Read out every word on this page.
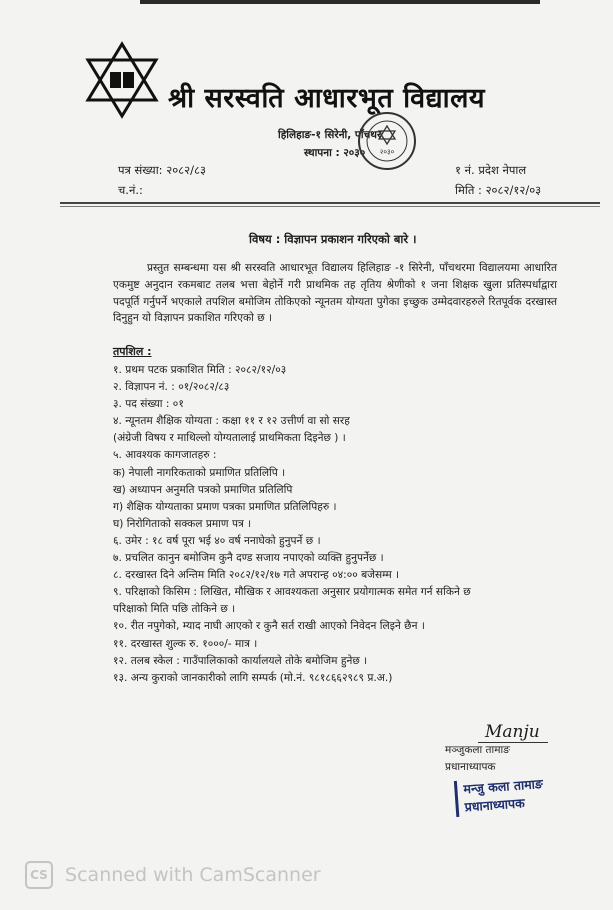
श्री सरस्वति आधारभूत विद्यालय
हिलिहाङ-१ सिरेनी, पाँचथर
स्थापना : २०३० २०३०
पत्र संख्या: २०८२/८३
च.नं.:
१ नं. प्रदेश नेपाल
मिति : २०८२/१२/०३
विषय : विज्ञापन प्रकाशन गरिएको बारे ।
प्रस्तुत सम्बन्धमा यस श्री सरस्वति आधारभूत विद्यालय हिलिहाङ -१ सिरेनी, पाँचथरमा विद्यालयमा आधारित एकमुष्ट अनुदान रकमबाट तलब भत्ता बेहोर्ने गरी प्राथमिक तह तृतिय श्रेणीको १ जना शिक्षक खुला प्रतिस्पर्धाद्वारा पदपूर्ति गर्नुपर्ने भएकाले तपशिल बमोजिम तोकिएको न्यूनतम योग्यता पुगेका इच्छुक उम्मेदवारहरुले रितपूर्वक दरखास्त दिनुहुन यो विज्ञापन प्रकाशित गरिएको छ ।
तपशिल :
१. प्रथम पटक प्रकाशित मिति : २०८२/१२/०३
२. विज्ञापन नं. : ०१/२०८२/८३
३. पद संख्या : ०१
४. न्यूनतम शैक्षिक योग्यता : कक्षा ११ र १२ उत्तीर्ण वा सो सरह
(अंग्रेजी विषय र माथिल्लो योग्यतालाई प्राथमिकता दिइनेछ ) ।
५. आवश्यक कागजातहरु :
क) नेपाली नागरिकताको प्रमाणित प्रतिलिपि ।
ख) अध्यापन अनुमति पत्रको प्रमाणित प्रतिलिपि
ग) शैक्षिक योग्यताका प्रमाण पत्रका प्रमाणित प्रतिलिपिहरु ।
घ) निरोगिताको सक्कल प्रमाण पत्र ।
६. उमेर : १८ वर्ष पूरा भई ४० वर्ष ननाघेको हुनुपर्ने छ ।
७. प्रचलित कानुन बमोजिम कुनै दण्ड सजाय नपाएको व्यक्ति हुनुपर्नेछ ।
८. दरखास्त दिने अन्तिम मिति २०८२/१२/१७ गते अपरान्ह ०४:०० बजेसम्म ।
९. परिक्षाको किसिम : लिखित, मौखिक र आवश्यकता अनुसार प्रयोगात्मक समेत गर्न सकिने छ
परिक्षाको मिति पछि तोकिने छ ।
१०. रीत नपुगेको, म्याद नाघी आएको र कुनै सर्त राखी आएको निवेदन लिइने छैन ।
११. दरखास्त शुल्क रु. १०००/- मात्र ।
१२. तलब स्केल : गाउँपालिकाको कार्यालयले तोके बमोजिम हुनेछ ।
१३. अन्य कुराको जानकारीको लागि सम्पर्क (मो.नं. ९८१८६६२९८९ प्र.अ.)
Manju
मञ्जुकला तामाङ
प्रधानाध्यापक
मन्जु कला तामाङ
प्रधानाध्यापक
CS Scanned with CamScanner
